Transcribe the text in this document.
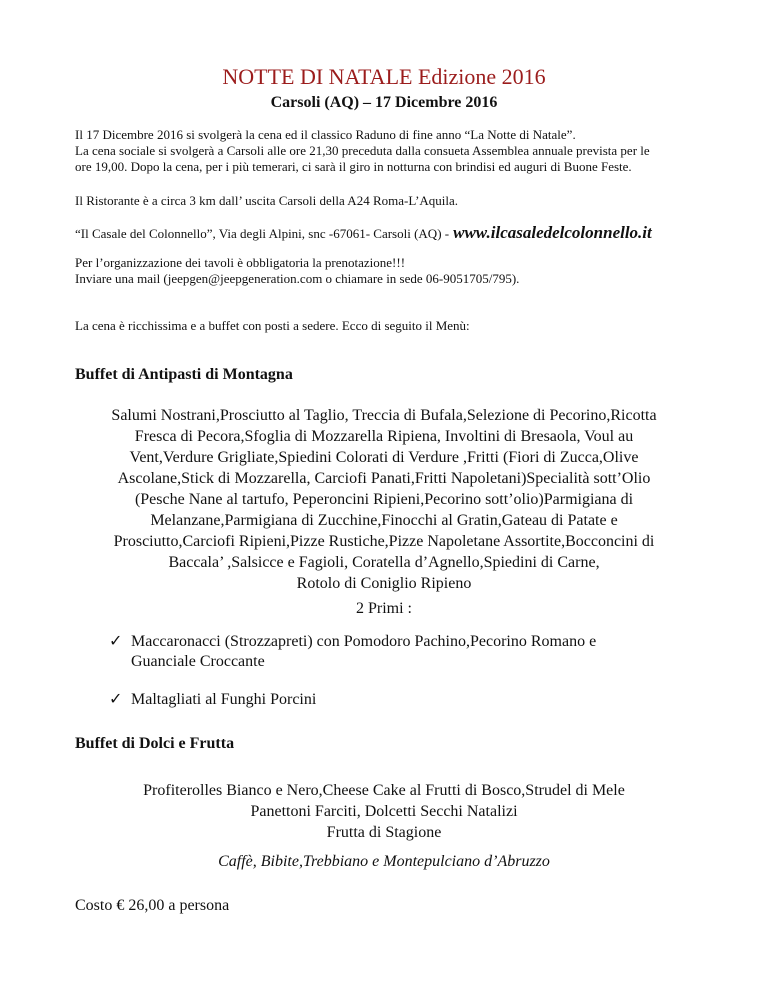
NOTTE DI NATALE Edizione 2016
Carsoli (AQ) – 17 Dicembre 2016
Il 17 Dicembre 2016 si svolgerà la cena ed il classico Raduno di fine anno “La Notte di Natale”.
La cena sociale si svolgerà a Carsoli alle ore 21,30 preceduta dalla consueta Assemblea annuale prevista per le
ore 19,00. Dopo la cena, per i più temerari, ci sarà il giro in notturna con brindisi ed auguri di Buone Feste.
Il Ristorante è a circa 3 km dall’ uscita Carsoli della A24 Roma-L’Aquila.
“Il Casale del Colonnello”, Via degli Alpini, snc -67061- Carsoli (AQ) - www.ilcasaledelcolonnello.it
Per l’organizzazione dei tavoli è obbligatoria la prenotazione!!!
Inviare una mail (jeepgen@jeepgeneration.com o chiamare in sede 06-9051705/795).
La cena è ricchissima e a buffet con posti a sedere. Ecco di seguito il Menù:
Buffet di Antipasti di Montagna
Salumi Nostrani,Prosciutto al Taglio, Treccia di Bufala,Selezione di Pecorino,Ricotta
Fresca di Pecora,Sfoglia di Mozzarella Ripiena, Involtini di Bresaola, Voul au
Vent,Verdure Grigliate,Spiedini Colorati di Verdure ,Fritti (Fiori di Zucca,Olive
Ascolane,Stick di Mozzarella, Carciofi Panati,Fritti Napoletani)Specialità sott’Olio
(Pesche Nane al tartufo, Peperoncini Ripieni,Pecorino sott’olio)Parmigiana di
Melanzane,Parmigiana di Zucchine,Finocchi al Gratin,Gateau di Patate e
Prosciutto,Carciofi Ripieni,Pizze Rustiche,Pizze Napoletane Assortite,Bocconcini di
Baccala’ ,Salsicce e Fagioli, Coratella d’Agnello,Spiedini di Carne,
Rotolo di Coniglio Ripieno
2 Primi :
✓ Maccaronacci (Strozzapreti) con Pomodoro Pachino,Pecorino Romano e
Guanciale Croccante
✓ Maltagliati al Funghi Porcini
Buffet di Dolci e Frutta
Profiterolles Bianco e Nero,Cheese Cake al Frutti di Bosco,Strudel di Mele
Panettoni Farciti, Dolcetti Secchi Natalizi
Frutta di Stagione
Caffè, Bibite,Trebbiano e Montepulciano d’Abruzzo
Costo € 26,00 a persona
